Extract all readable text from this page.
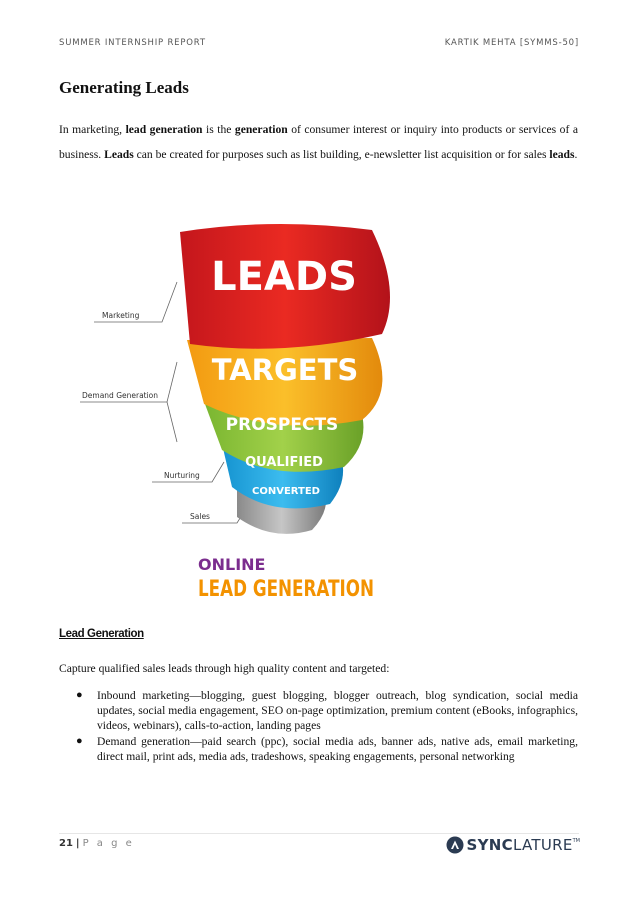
SUMMER INTERNSHIP REPORT	KARTIK MEHTA [SYMMS-50]
Generating Leads
In marketing, lead generation is the generation of consumer interest or inquiry into products or services of a business. Leads can be created for purposes such as list building, e-newsletter list acquisition or for sales leads.
LEADS
TARGETS
PROSPECTS
QUALIFIED
CONVERTED
Marketing
Demand Generation
Nurturing
Sales
ONLINE
LEAD GENERATION
Lead Generation
Capture qualified sales leads through high quality content and targeted:
● Inbound marketing—blogging, guest blogging, blogger outreach, blog syndication, social media updates, social media engagement, SEO on-page optimization, premium content (eBooks, infographics, videos, webinars), calls-to-action, landing pages
● Demand generation—paid search (ppc), social media ads, banner ads, native ads, email marketing, direct mail, print ads, media ads, tradeshows, speaking engagements, personal networking
21 | P a g e	SYNC LATURE TM
